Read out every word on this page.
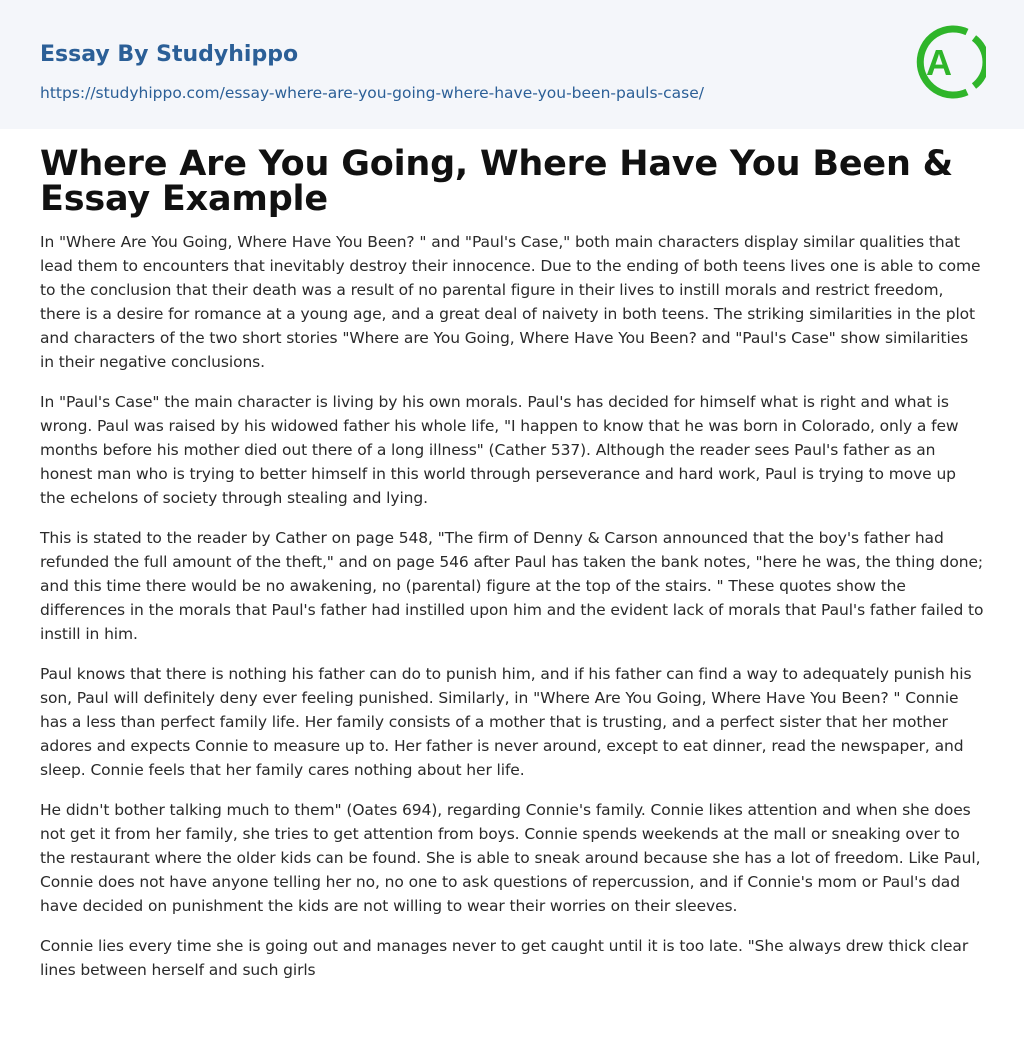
Essay By Studyhippo
https://studyhippo.com/essay-where-are-you-going-where-have-you-been-pauls-case/
A
Where Are You Going, Where Have You Been & Essay Example

In "Where Are You Going, Where Have You Been? " and "Paul's Case," both main characters display similar qualities that lead them to encounters that inevitably destroy their innocence. Due to the ending of both teens lives one is able to come to the conclusion that their death was a result of no parental figure in their lives to instill morals and restrict freedom, there is a desire for romance at a young age, and a great deal of naivety in both teens. The striking similarities in the plot and characters of the two short stories "Where are You Going, Where Have You Been? and "Paul's Case" show similarities in their negative conclusions.

In "Paul's Case" the main character is living by his own morals. Paul's has decided for himself what is right and what is wrong. Paul was raised by his widowed father his whole life, "I happen to know that he was born in Colorado, only a few months before his mother died out there of a long illness" (Cather 537). Although the reader sees Paul's father as an honest man who is trying to better himself in this world through perseverance and hard work, Paul is trying to move up the echelons of society through stealing and lying.

This is stated to the reader by Cather on page 548, "The firm of Denny & Carson announced that the boy's father had refunded the full amount of the theft," and on page 546 after Paul has taken the bank notes, "here he was, the thing done; and this time there would be no awakening, no (parental) figure at the top of the stairs. " These quotes show the differences in the morals that Paul's father had instilled upon him and the evident lack of morals that Paul's father failed to instill in him.

Paul knows that there is nothing his father can do to punish him, and if his father can find a way to adequately punish his son, Paul will definitely deny ever feeling punished. Similarly, in "Where Are You Going, Where Have You Been? " Connie has a less than perfect family life. Her family consists of a mother that is trusting, and a perfect sister that her mother adores and expects Connie to measure up to. Her father is never around, except to eat dinner, read the newspaper, and sleep. Connie feels that her family cares nothing about her life.

He didn't bother talking much to them" (Oates 694), regarding Connie's family. Connie likes attention and when she does not get it from her family, she tries to get attention from boys. Connie spends weekends at the mall or sneaking over to the restaurant where the older kids can be found. She is able to sneak around because she has a lot of freedom. Like Paul, Connie does not have anyone telling her no, no one to ask questions of repercussion, and if Connie's mom or Paul's dad have decided on punishment the kids are not willing to wear their worries on their sleeves.

Connie lies every time she is going out and manages never to get caught until it is too late. "She always drew thick clear lines between herself and such girls
